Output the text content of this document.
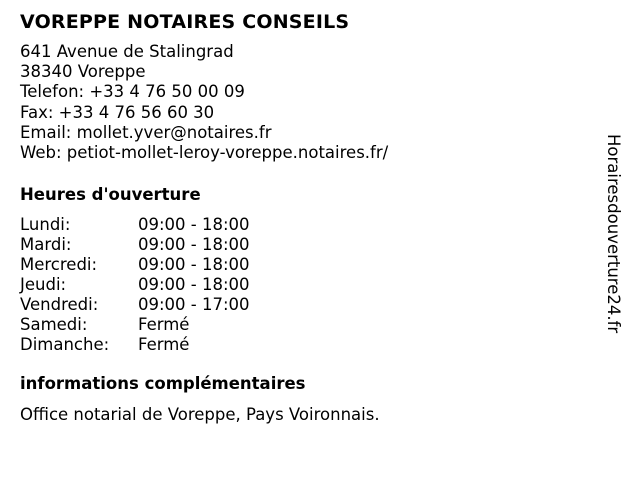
VOREPPE NOTAIRES CONSEILS
641 Avenue de Stalingrad
38340 Voreppe
Telefon: +33 4 76 50 00 09
Fax: +33 4 76 56 60 30
Email: mollet.yver@notaires.fr
Web: petiot-mollet-leroy-voreppe.notaires.fr/
Heures d'ouverture
Lundi:	09:00 - 18:00
Mardi:	09:00 - 18:00
Mercredi: 09:00 - 18:00
Jeudi:	09:00 - 18:00
Vendredi: 09:00 - 17:00
Samedi:	Fermé
Dimanche: Fermé
informations complémentaires
Office notarial de Voreppe, Pays Voironnais.
Horairesdouverture24.fr
